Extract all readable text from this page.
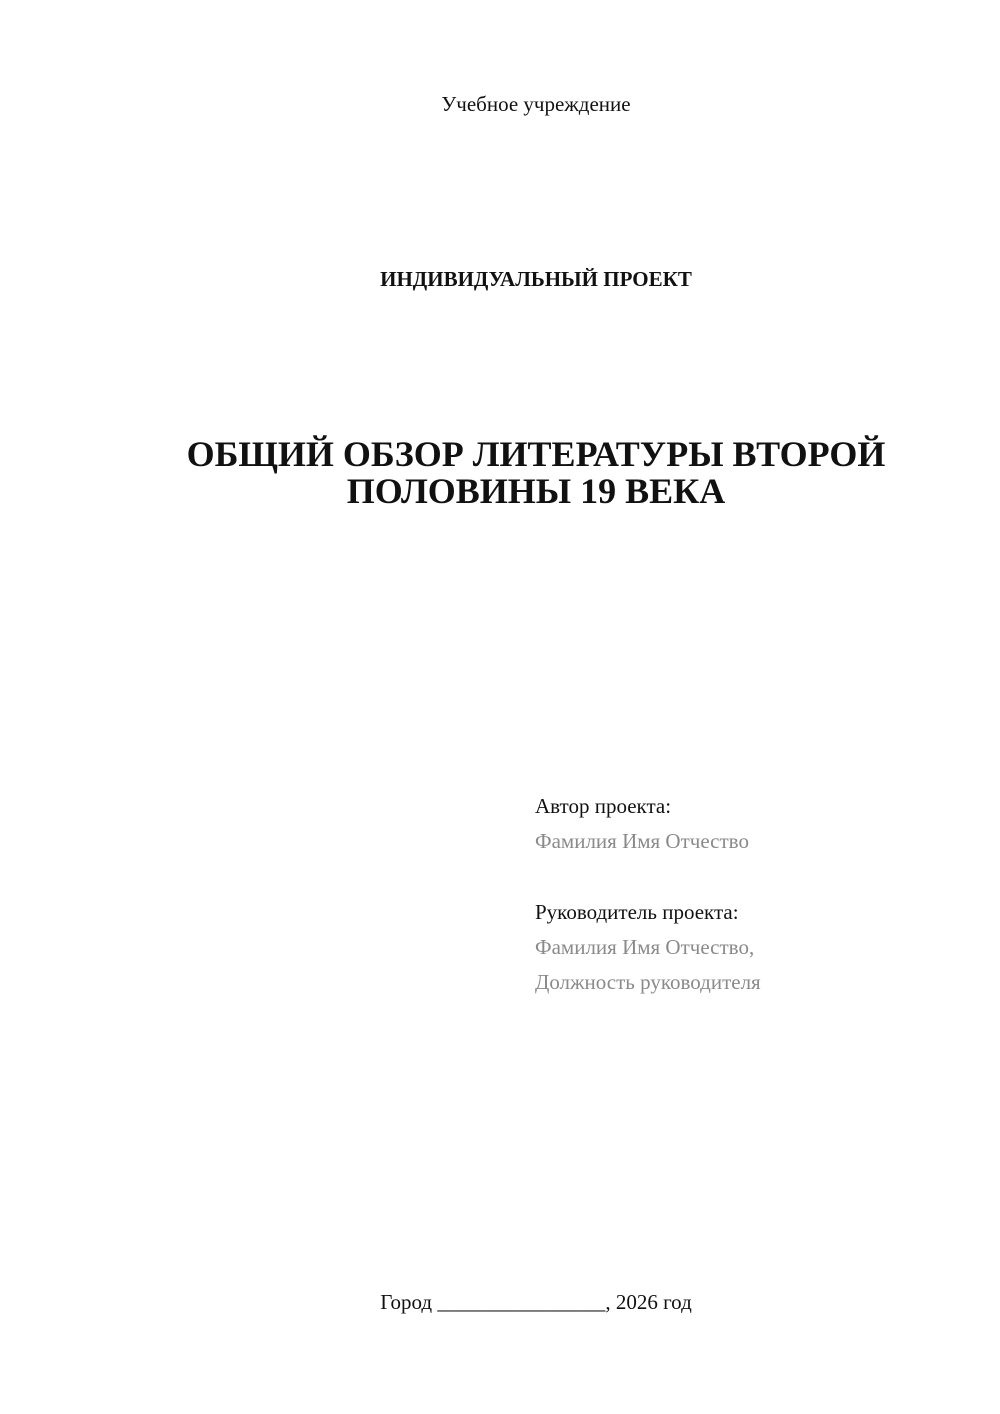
Учебное учреждение
ИНДИВИДУАЛЬНЫЙ ПРОЕКТ
ОБЩИЙ ОБЗОР ЛИТЕРАТУРЫ ВТОРОЙ
ПОЛОВИНЫ 19 ВЕКА
Автор проекта:
Фамилия Имя Отчество
Руководитель проекта:
Фамилия Имя Отчество,
Должность руководителя
Город ________________, 2026 год
